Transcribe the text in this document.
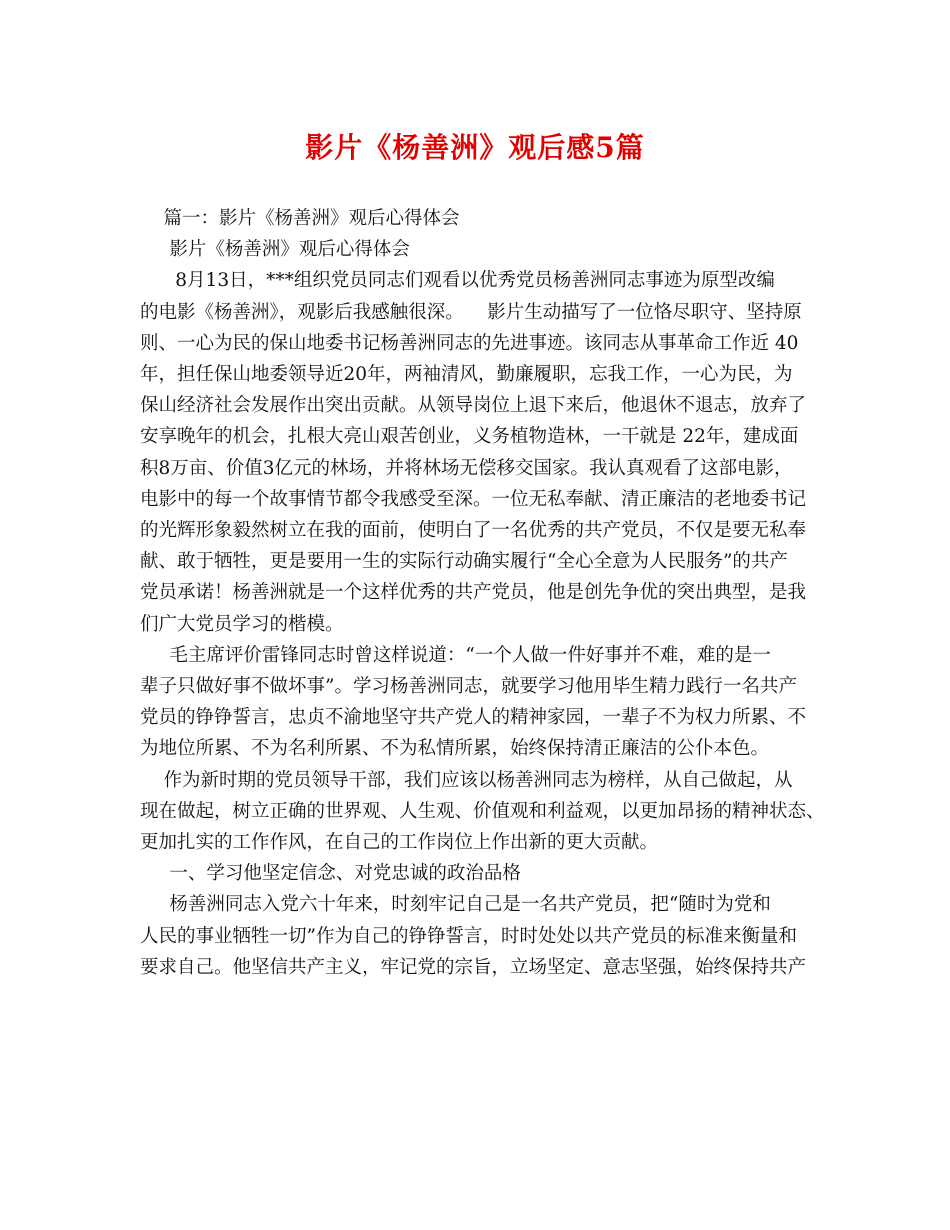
影片《杨善洲》观后感5篇
篇一：影片《杨善洲》观后心得体会
影片《杨善洲》观后心得体会
8月13日，***组织党员同志们观看以优秀党员杨善洲同志事迹为原型改编
的电影《杨善洲》，观影后我感触很深。    影片生动描写了一位恪尽职守、坚持原
则、一心为民的保山地委书记杨善洲同志的先进事迹。该同志从事革命工作近 40
年，担任保山地委领导近20年，两袖清风，勤廉履职，忘我工作，一心为民，为
保山经济社会发展作出突出贡献。从领导岗位上退下来后，他退休不退志，放弃了
安享晚年的机会，扎根大亮山艰苦创业，义务植物造林，一干就是 22年，建成面
积8万亩、价值3亿元的林场，并将林场无偿移交国家。我认真观看了这部电影，
电影中的每一个故事情节都令我感受至深。一位无私奉献、清正廉洁的老地委书记
的光辉形象毅然树立在我的面前，使明白了一名优秀的共产党员，不仅是要无私奉
献、敢于牺牲，更是要用一生的实际行动确实履行“全心全意为人民服务”的共产
党员承诺！杨善洲就是一个这样优秀的共产党员，他是创先争优的突出典型，是我
们广大党员学习的楷模。
毛主席评价雷锋同志时曾这样说道：“一个人做一件好事并不难，难的是一
辈子只做好事不做坏事”。学习杨善洲同志，就要学习他用毕生精力践行一名共产
党员的铮铮誓言，忠贞不渝地坚守共产党人的精神家园，一辈子不为权力所累、不
为地位所累、不为名利所累、不为私情所累，始终保持清正廉洁的公仆本色。
作为新时期的党员领导干部，我们应该以杨善洲同志为榜样，从自己做起，从
现在做起，树立正确的世界观、人生观、价值观和利益观，以更加昂扬的精神状态、
更加扎实的工作作风，在自己的工作岗位上作出新的更大贡献。
一、学习他坚定信念、对党忠诚的政治品格
杨善洲同志入党六十年来，时刻牢记自己是一名共产党员，把“随时为党和
人民的事业牺牲一切”作为自己的铮铮誓言，时时处处以共产党员的标准来衡量和
要求自己。他坚信共产主义，牢记党的宗旨，立场坚定、意志坚强，始终保持共产
